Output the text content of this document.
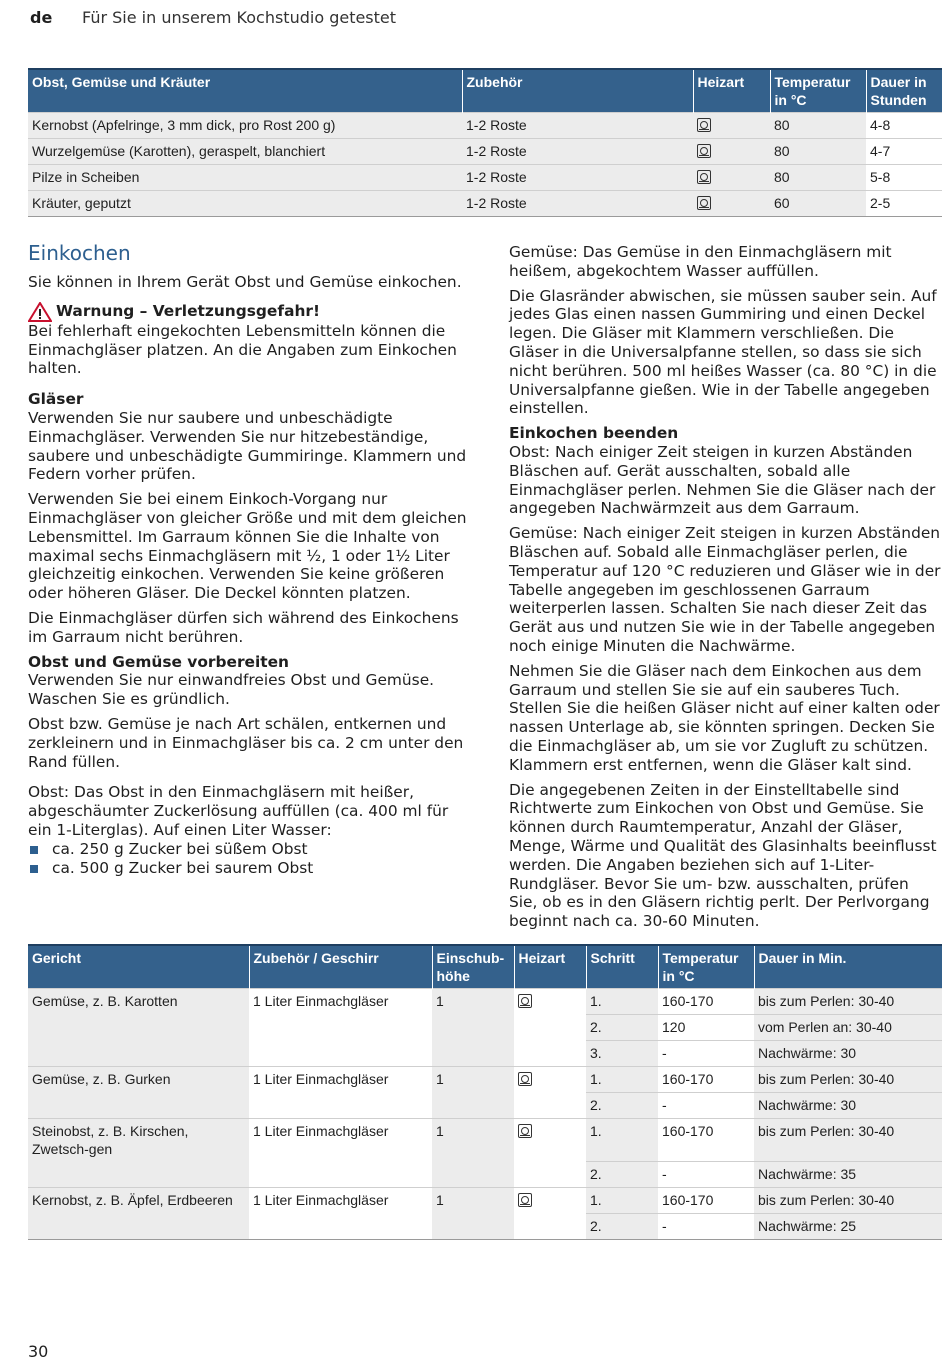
de Für Sie in unserem Kochstudio getestet
Obst, Gemüse und Kräuter	Zubehör	Heizart	Temperatur in °C	Dauer in Stunden
Kernobst (Apfelringe, 3 mm dick, pro Rost 200 g)	1-2 Roste		80	4-8
Wurzelgemüse (Karotten), geraspelt, blanchiert	1-2 Roste		80	4-7
Pilze in Scheiben	1-2 Roste		80	5-8
Kräuter, geputzt	1-2 Roste		60	2-5
Einkochen

Sie können in Ihrem Gerät Obst und Gemüse einkochen.

Warnung – Verletzungsgefahr!

Bei fehlerhaft eingekochten Lebensmitteln können die Einmachgläser platzen. An die Angaben zum Einkochen halten.

Gläser

Verwenden Sie nur saubere und unbeschädigte Einmachgläser. Verwenden Sie nur hitzebeständige, saubere und unbeschädigte Gummiringe. Klammern und Federn vorher prüfen.

Verwenden Sie bei einem Einkoch-Vorgang nur Einmachgläser von gleicher Größe und mit dem gleichen Lebensmittel. Im Garraum können Sie die Inhalte von maximal sechs Einmachgläsern mit ½, 1 oder 1½ Liter gleichzeitig einkochen. Verwenden Sie keine größeren oder höheren Gläser. Die Deckel könnten platzen.

Die Einmachgläser dürfen sich während des Einkochens im Garraum nicht berühren.

Obst und Gemüse vorbereiten

Verwenden Sie nur einwandfreies Obst und Gemüse. Waschen Sie es gründlich.

Obst bzw. Gemüse je nach Art schälen, entkernen und zerkleinern und in Einmachgläser bis ca. 2 cm unter den Rand füllen.

Obst: Das Obst in den Einmachgläsern mit heißer, abgeschäumter Zuckerlösung auffüllen (ca. 400 ml für ein 1-Literglas). Auf einen Liter Wasser:

ca. 250 g Zucker bei süßem Obst
ca. 500 g Zucker bei saurem Obst

Gemüse: Das Gemüse in den Einmachgläsern mit heißem, abgekochtem Wasser auffüllen.

Die Glasränder abwischen, sie müssen sauber sein. Auf jedes Glas einen nassen Gummiring und einen Deckel legen. Die Gläser mit Klammern verschließen. Die Gläser in die Universalpfanne stellen, so dass sie sich nicht berühren. 500 ml heißes Wasser (ca. 80 °C) in die Universalpfanne gießen. Wie in der Tabelle angegeben einstellen.

Einkochen beenden

Obst: Nach einiger Zeit steigen in kurzen Abständen Bläschen auf. Gerät ausschalten, sobald alle Einmachgläser perlen. Nehmen Sie die Gläser nach der angegeben Nachwärmzeit aus dem Garraum.

Gemüse: Nach einiger Zeit steigen in kurzen Abständen Bläschen auf. Sobald alle Einmachgläser perlen, die Temperatur auf 120 °C reduzieren und Gläser wie in der Tabelle angegeben im geschlossenen Garraum weiterperlen lassen. Schalten Sie nach dieser Zeit das Gerät aus und nutzen Sie wie in der Tabelle angegeben noch einige Minuten die Nachwärme.

Nehmen Sie die Gläser nach dem Einkochen aus dem Garraum und stellen Sie sie auf ein sauberes Tuch. Stellen Sie die heißen Gläser nicht auf einer kalten oder nassen Unterlage ab, sie könnten springen. Decken Sie die Einmachgläser ab, um sie vor Zugluft zu schützen. Klammern erst entfernen, wenn die Gläser kalt sind.

Die angegebenen Zeiten in der Einstelltabelle sind Richtwerte zum Einkochen von Obst und Gemüse. Sie können durch Raumtemperatur, Anzahl der Gläser, Menge, Wärme und Qualität des Glasinhalts beeinflusst werden. Die Angaben beziehen sich auf 1-Liter-Rundgläser. Bevor Sie um- bzw. ausschalten, prüfen Sie, ob es in den Gläsern richtig perlt. Der Perlvorgang beginnt nach ca. 30-60 Minuten.

Gericht	Zubehör / Geschirr	Einschub-höhe	Heizart	Schritt	Temperatur in °C	Dauer in Min.
Gemüse, z. B. Karotten	1 Liter Einmachgläser	1		1.	160-170	bis zum Perlen: 30-40
				2.	120	vom Perlen an: 30-40
				3.	-	Nachwärme: 30
Gemüse, z. B. Gurken	1 Liter Einmachgläser	1		1.	160-170	bis zum Perlen: 30-40
				2.	-	Nachwärme: 30
Steinobst, z. B. Kirschen, Zwetsch-gen	1 Liter Einmachgläser	1		1.	160-170	bis zum Perlen: 30-40
				2.	-	Nachwärme: 35
Kernobst, z. B. Äpfel, Erdbeeren	1 Liter Einmachgläser	1		1.	160-170	bis zum Perlen: 30-40
				2.	-	Nachwärme: 25
30
